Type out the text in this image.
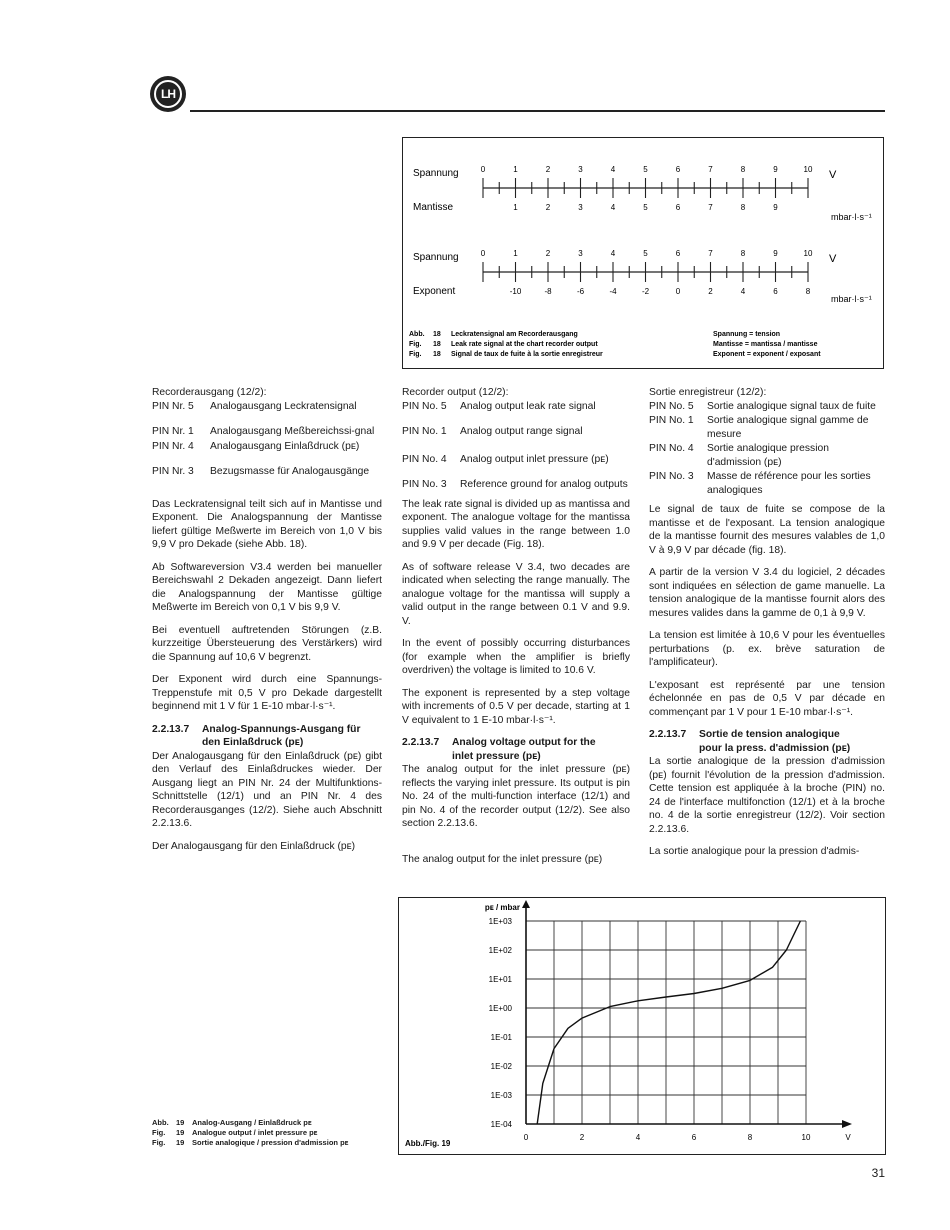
LH
Spannung
Mantisse
V
mbar·l·s⁻¹
Spannung
Exponent
V
mbar·l·s⁻¹
0	1	2	3	4	5	6	7	8	9	10
1	2	3	4	5	6	7	8	9
0	1	2	3	4	5	6	7	8	9	10
-10	-8	-6	-4	-2	0	2	4	6	8
Abb. 18 Leckratensignal am Recorderausgang
Fig. 18 Leak rate signal at the chart recorder output
Fig. 18 Signal de taux de fuite à la sortie enregistreur
Spannung = tension
Mantisse = mantissa / mantisse
Exponent = exponent / exposant
Recorderausgang (12/2):
PIN Nr. 5	Analogausgang Leckratensignal
PIN Nr. 1	Analogausgang Meßbereichssi-gnal
PIN Nr. 4	Analogausgang Einlaßdruck (pᴇ)
PIN Nr. 3	Bezugsmasse für Analogausgänge

Das Leckratensignal teilt sich auf in Mantisse und Exponent. Die Analogspannung der Mantisse liefert gültige Meßwerte im Bereich von 1,0 V bis 9,9 V pro Dekade (siehe Abb. 18).

Ab Softwareversion V3.4 werden bei manueller Bereichswahl 2 Dekaden angezeigt. Dann liefert die Analogspannung der Mantisse gültige Meßwerte im Bereich von 0,1 V bis 9,9 V.

Bei eventuell auftretenden Störungen (z.B. kurzzeitige Übersteuerung des Verstärkers) wird die Spannung auf 10,6 V begrenzt.

Der Exponent wird durch eine Spannungs-Treppenstufe mit 0,5 V pro Dekade dargestellt beginnend mit 1 V für 1 E-10 mbar·l·s⁻¹.

2.2.13.7 Analog-Spannungs-Ausgang für
den Einlaßdruck (pᴇ)

Der Analogausgang für den Einlaßdruck (pᴇ) gibt den Verlauf des Einlaßdruckes wieder. Der Ausgang liegt an PIN Nr. 24 der Multifunktions-Schnittstelle (12/1) und an PIN Nr. 4 des Recorderausganges (12/2). Siehe auch Abschnitt 2.2.13.6.

Der Analogausgang für den Einlaßdruck (pᴇ)

Recorder output (12/2):
PIN No. 5	Analog output leak rate signal
PIN No. 1	Analog output range signal
PIN No. 4	Analog output inlet pressure (pᴇ)
PIN No. 3	Reference ground for analog outputs

The leak rate signal is divided up as mantissa and exponent. The analogue voltage for the mantissa supplies valid values in the range between 1.0 and 9.9 V per decade (Fig. 18).

As of software release V 3.4, two decades are indicated when selecting the range manually. The analogue voltage for the mantissa will supply a valid output in the range between 0.1 V and 9.9. V.

In the event of possibly occurring disturbances (for example when the amplifier is briefly overdriven) the voltage is limited to 10.6 V.

The exponent is represented by a step voltage with increments of 0.5 V per decade, starting at 1 V equivalent to 1 E-10 mbar·l·s⁻¹.

2.2.13.7 Analog voltage output for the
inlet pressure (pᴇ)

The analog output for the inlet pressure (pᴇ) reflects the varying inlet pressure. Its output is pin No. 24 of the multi-function interface (12/1) and pin No. 4 of the recorder output (12/2). See also section 2.2.13.6.

The analog output for the inlet pressure (pᴇ)

Sortie enregistreur (12/2):
PIN No. 5	Sortie analogique signal taux de fuite
PIN No. 1	Sortie analogique signal gamme de mesure
PIN No. 4	Sortie analogique pression d'admission (pᴇ)
PIN No. 3	Masse de référence pour les sorties analogiques

Le signal de taux de fuite se compose de la mantisse et de l'exposant. La tension analogique de la mantisse fournit des mesures valables de 1,0 V à 9,9 V par décade (fig. 18).

A partir de la version V 3.4 du logiciel, 2 décades sont indiquées en sélection de game manuelle. La tension analogique de la mantisse fournit alors des mesures valides dans la gamme de 0,1 à 9,9 V.

La tension est limitée à 10,6 V pour les éventuelles perturbations (p. ex. brève saturation de l'amplificateur).

L'exposant est représenté par une tension échelonnée en pas de 0,5 V par décade en commençant par 1 V pour 1 E-10 mbar·l·s⁻¹.

2.2.13.7 Sortie de tension analogique
pour la press. d'admission (pᴇ)

La sortie analogique de la pression d'admission (pᴇ) fournit l'évolution de la pression d'admission. Cette tension est appliquée à la broche (PIN) no. 24 de l'interface multifonction (12/1) et à la broche no. 4 de la sortie enregistreur (12/2). Voir section 2.2.13.6.

La sortie analogique pour la pression d'admis-

Abb. 19 Analog-Ausgang / Einlaßdruck pᴇ
Fig. 19 Analogue output / inlet pressure pᴇ
Fig. 19 Sortie analogique / pression d'admission pᴇ
1E-04
1E-03
1E-02
1E-01
1E+00
1E+01
1E+02
1E+03
0	2	4	6	8	10	V
pᴇ / mbar
Abb./Fig. 19
31
